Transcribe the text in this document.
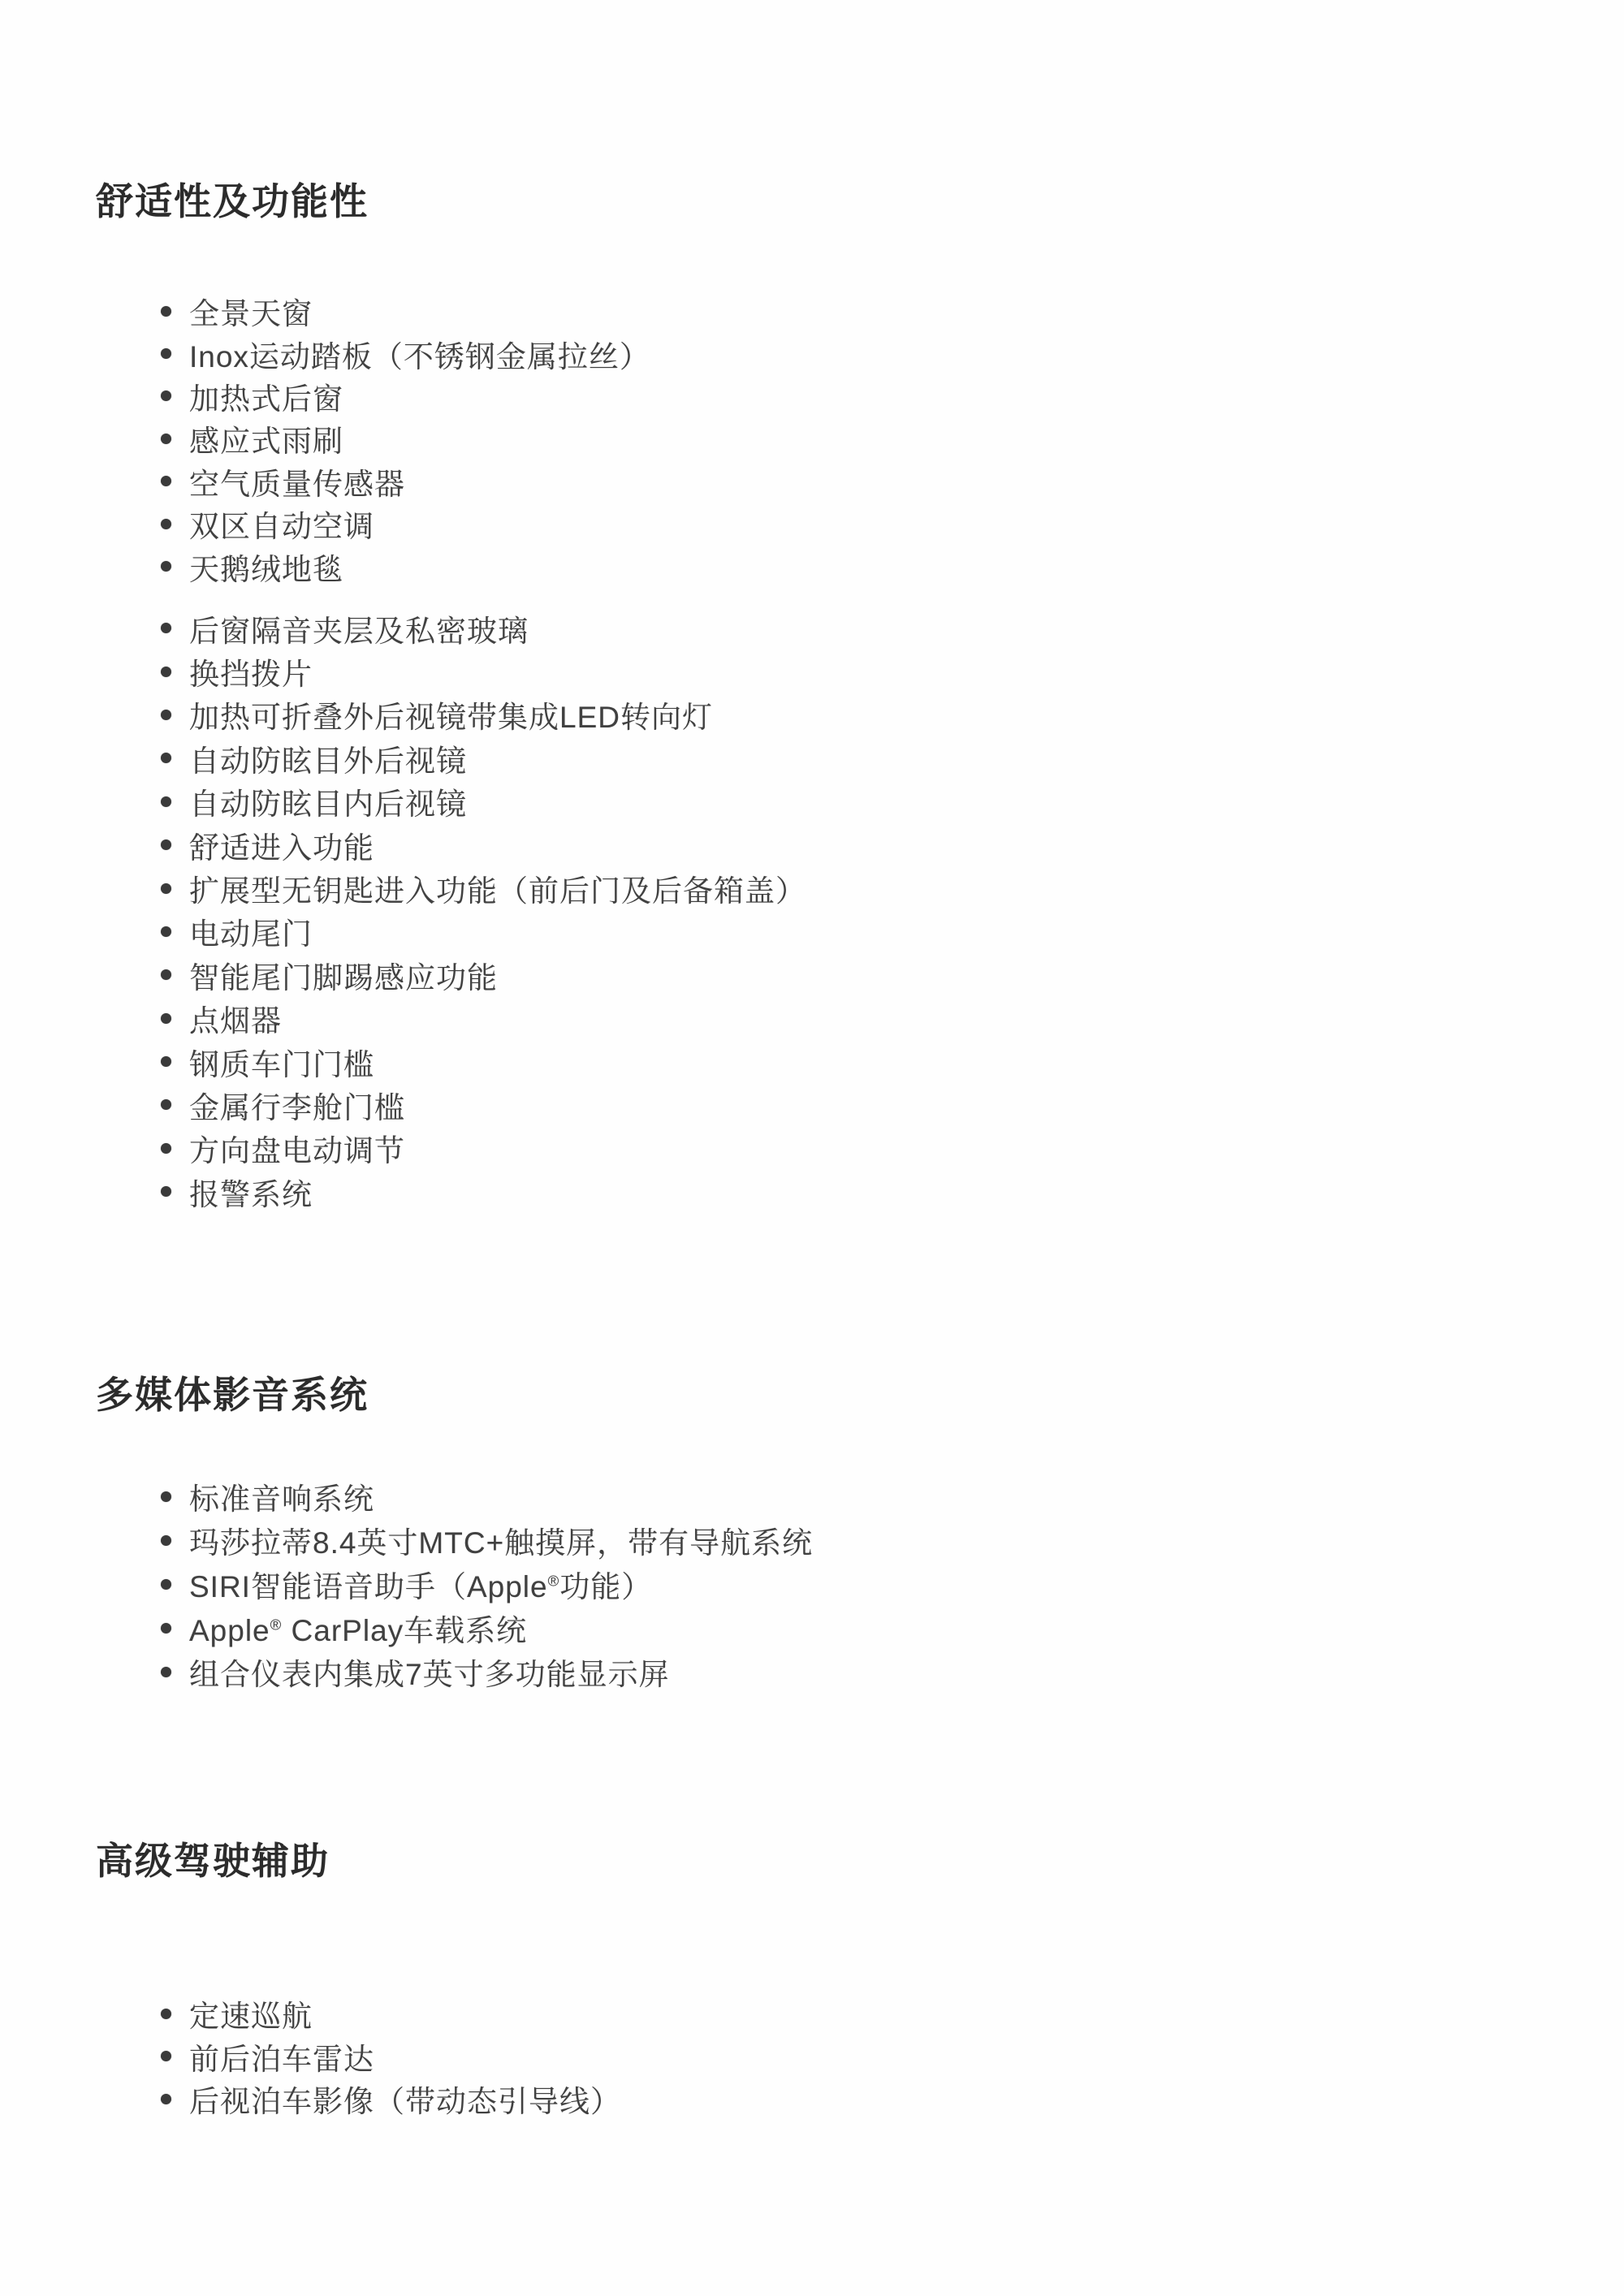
舒适性及功能性
全景天窗
Inox运动踏板（不锈钢金属拉丝）
加热式后窗
感应式雨刷
空气质量传感器
双区自动空调
天鹅绒地毯
后窗隔音夹层及私密玻璃
换挡拨片
加热可折叠外后视镜带集成LED转向灯
自动防眩目外后视镜
自动防眩目内后视镜
舒适进入功能
扩展型无钥匙进入功能（前后门及后备箱盖）
电动尾门
智能尾门脚踢感应功能
点烟器
钢质车门门槛
金属行李舱门槛
方向盘电动调节
报警系统
多媒体影音系统
标准音响系统
玛莎拉蒂8.4英寸MTC+触摸屏，带有导航系统
SIRI智能语音助手（Apple®功能）
Apple® CarPlay车载系统
组合仪表内集成7英寸多功能显示屏
高级驾驶辅助
定速巡航
前后泊车雷达
后视泊车影像（带动态引导线）
